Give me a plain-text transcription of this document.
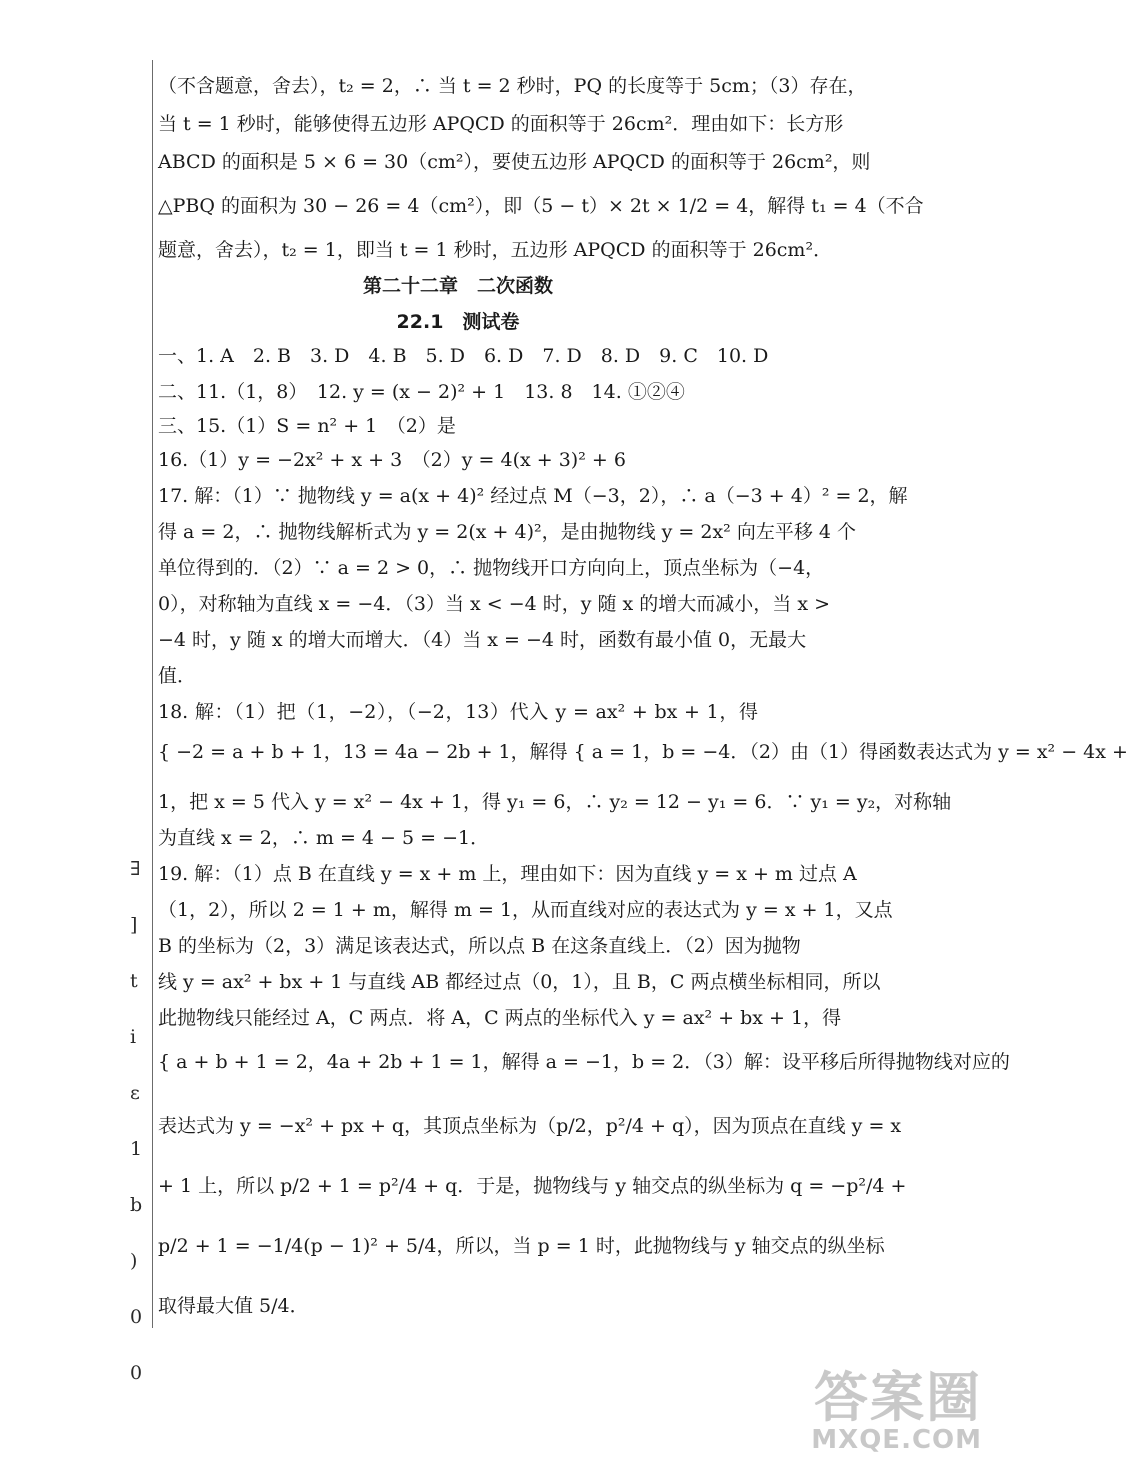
∃
]
t
i
ɛ
1
b
)
0
0
（不含题意，舍去），t₂ = 2，∴ 当 t = 2 秒时，PQ 的长度等于 5cm；（3）存在，
当 t = 1 秒时，能够使得五边形 APQCD 的面积等于 26cm²．理由如下：长方形
ABCD 的面积是 5 × 6 = 30（cm²），要使五边形 APQCD 的面积等于 26cm²，则
△PBQ 的面积为 30 − 26 = 4（cm²），即（5 − t）× 2t × 1/2 = 4，解得 t₁ = 4（不合
题意，舍去），t₂ = 1，即当 t = 1 秒时，五边形 APQCD 的面积等于 26cm²．
第二十二章　二次函数
22.1　测试卷
一、1. A　2. B　3. D　4. B　5. D　6. D　7. D　8. D　9. C　10. D
二、11.（1，8）　12. y = (x − 2)² + 1　13. 8　14. ①②④
三、15.（1）S = n² + 1　（2）是
16.（1）y = −2x² + x + 3　（2）y = 4(x + 3)² + 6
17. 解：（1）∵ 抛物线 y = a(x + 4)² 经过点 M（−3，2），∴ a（−3 + 4）² = 2，解
得 a = 2，∴ 抛物线解析式为 y = 2(x + 4)²，是由抛物线 y = 2x² 向左平移 4 个
单位得到的．（2）∵ a = 2 > 0，∴ 抛物线开口方向向上，顶点坐标为（−4，
0），对称轴为直线 x = −4．（3）当 x < −4 时，y 随 x 的增大而减小，当 x >
−4 时，y 随 x 的增大而增大．（4）当 x = −4 时，函数有最小值 0，无最大
值．
18. 解：（1）把（1，−2），（−2，13）代入 y = ax² + bx + 1，得
{ −2 = a + b + 1，13 = 4a − 2b + 1，解得 { a = 1，b = −4．（2）由（1）得函数表达式为 y = x² − 4x +
1，把 x = 5 代入 y = x² − 4x + 1，得 y₁ = 6，∴ y₂ = 12 − y₁ = 6．∵ y₁ = y₂，对称轴
为直线 x = 2，∴ m = 4 − 5 = −1．
19. 解：（1）点 B 在直线 y = x + m 上，理由如下：因为直线 y = x + m 过点 A
（1，2），所以 2 = 1 + m，解得 m = 1，从而直线对应的表达式为 y = x + 1，又点
B 的坐标为（2，3）满足该表达式，所以点 B 在这条直线上．（2）因为抛物
线 y = ax² + bx + 1 与直线 AB 都经过点（0，1），且 B，C 两点横坐标相同，所以
此抛物线只能经过 A，C 两点．将 A，C 两点的坐标代入 y = ax² + bx + 1，得
{ a + b + 1 = 2，4a + 2b + 1 = 1，解得 a = −1，b = 2．（3）解：设平移后所得抛物线对应的
表达式为 y = −x² + px + q，其顶点坐标为（p/2，p²/4 + q），因为顶点在直线 y = x
+ 1 上，所以 p/2 + 1 = p²/4 + q．于是，抛物线与 y 轴交点的纵坐标为 q = −p²/4 +
p/2 + 1 = −1/4(p − 1)² + 5/4，所以，当 p = 1 时，此抛物线与 y 轴交点的纵坐标
取得最大值 5/4．
答案圈
MXQE.COM
